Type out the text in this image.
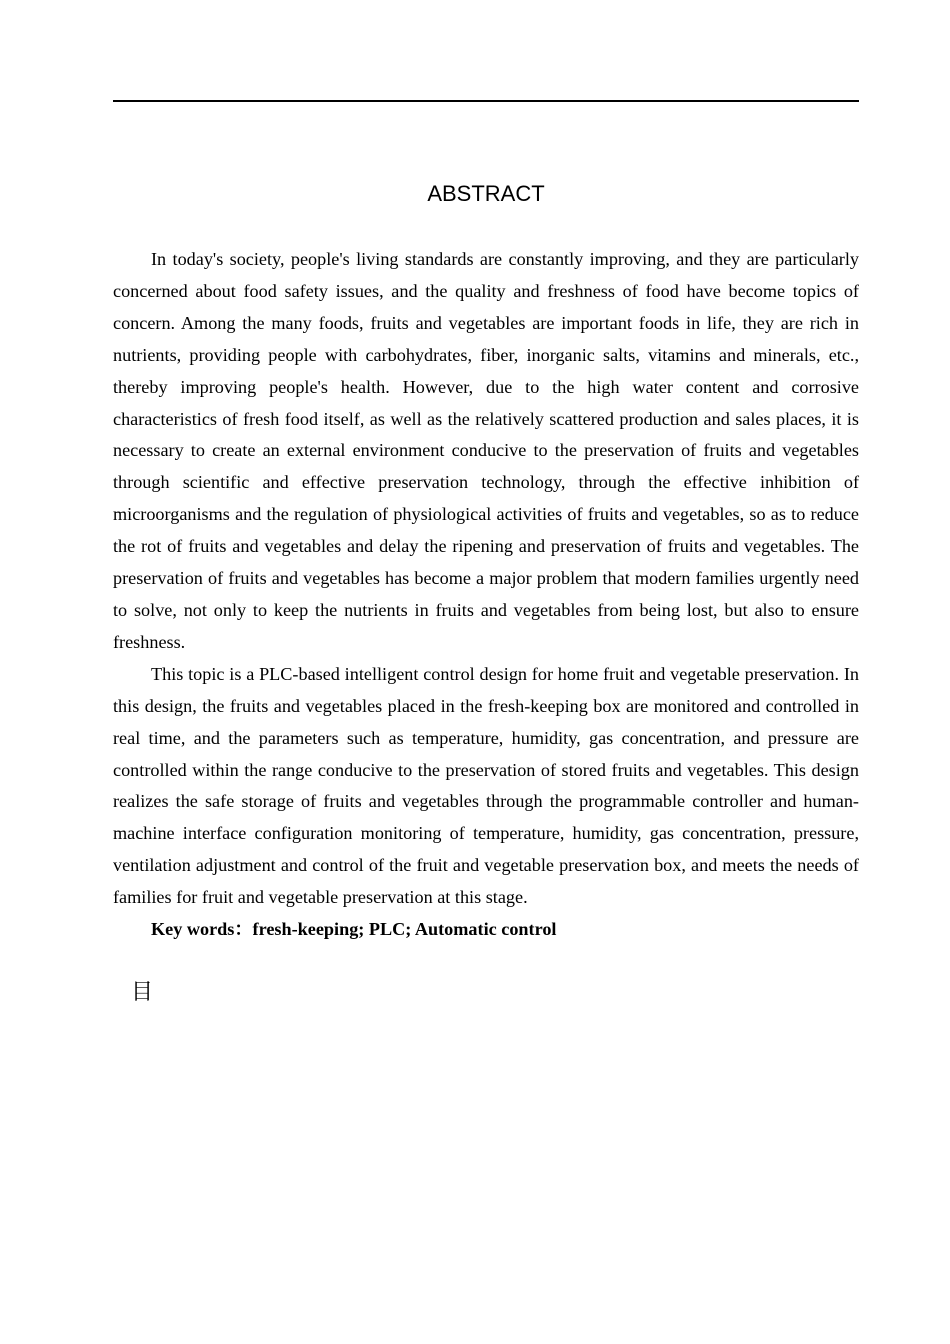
ABSTRACT

In today's society, people's living standards are constantly improving, and they are particularly concerned about food safety issues, and the quality and freshness of food have become topics of concern. Among the many foods, fruits and vegetables are important foods in life, they are rich in nutrients, providing people with carbohydrates, fiber, inorganic salts, vitamins and minerals, etc., thereby improving people's health. However, due to the high water content and corrosive characteristics of fresh food itself, as well as the relatively scattered production and sales places, it is necessary to create an external environment conducive to the preservation of fruits and vegetables through scientific and effective preservation technology, through the effective inhibition of microorganisms and the regulation of physiological activities of fruits and vegetables, so as to reduce the rot of fruits and vegetables and delay the ripening and preservation of fruits and vegetables. The preservation of fruits and vegetables has become a major problem that modern families urgently need to solve, not only to keep the nutrients in fruits and vegetables from being lost, but also to ensure freshness.

This topic is a PLC-based intelligent control design for home fruit and vegetable preservation. In this design, the fruits and vegetables placed in the fresh-keeping box are monitored and controlled in real time, and the parameters such as temperature, humidity, gas concentration, and pressure are controlled within the range conducive to the preservation of stored fruits and vegetables. This design realizes the safe storage of fruits and vegetables through the programmable controller and human-machine interface configuration monitoring of temperature, humidity, gas concentration, pressure, ventilation adjustment and control of the fruit and vegetable preservation box, and meets the needs of families for fruit and vegetable preservation at this stage.

Key words：fresh-keeping; PLC; Automatic control

目
